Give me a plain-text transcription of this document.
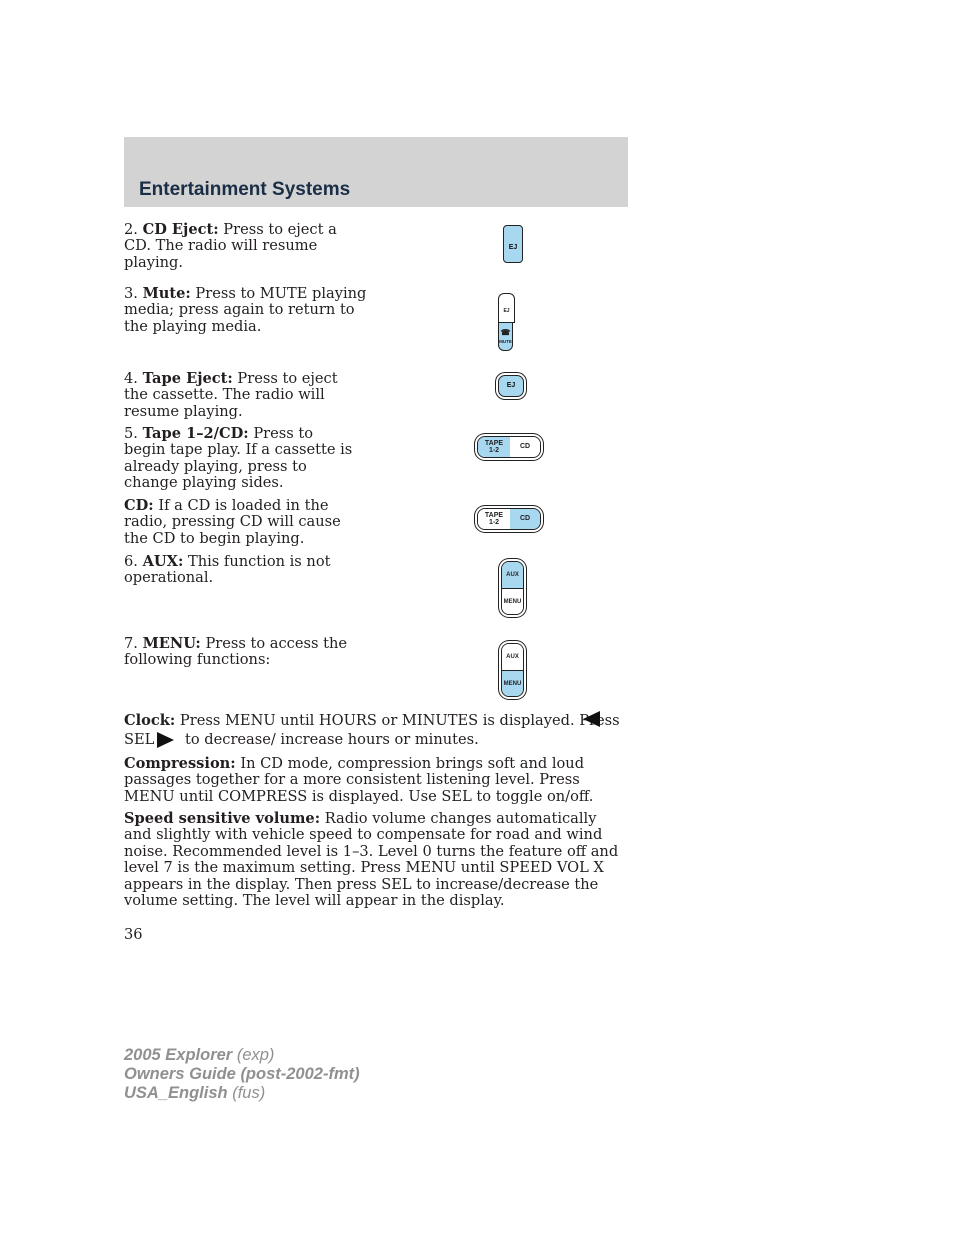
Entertainment Systems
2. CD Eject: Press to eject a CD. The radio will resume playing.
EJ
3. Mute: Press to MUTE playing media; press again to return to the playing media.
EJ
☎
MUTE
4. Tape Eject: Press to eject the cassette. The radio will resume playing.
EJ
5. Tape 1–2/CD: Press to begin tape play. If a cassette is already playing, press to change playing sides.
TAPE
1-2
CD
CD: If a CD is loaded in the radio, pressing CD will cause the CD to begin playing.
TAPE
1-2
CD
6. AUX: This function is not operational.	AUX
MENU
7. MENU: Press to access the following functions:	AUX
MENU
Clock: Press MENU until HOURS or MINUTES is displayed. Press
SEL to decrease/ increase hours or minutes.
Compression: In CD mode, compression brings soft and loud passages together for a more consistent listening level. Press MENU until COMPRESS is displayed. Use SEL to toggle on/off.
Speed sensitive volume: Radio volume changes automatically and slightly with vehicle speed to compensate for road and wind noise. Recommended level is 1–3. Level 0 turns the feature off and level 7 is the maximum setting. Press MENU until SPEED VOL X appears in the display. Then press SEL to increase/decrease the volume setting. The level will appear in the display.
36
2005 Explorer (exp)
Owners Guide (post-2002-fmt)
USA_English (fus)
